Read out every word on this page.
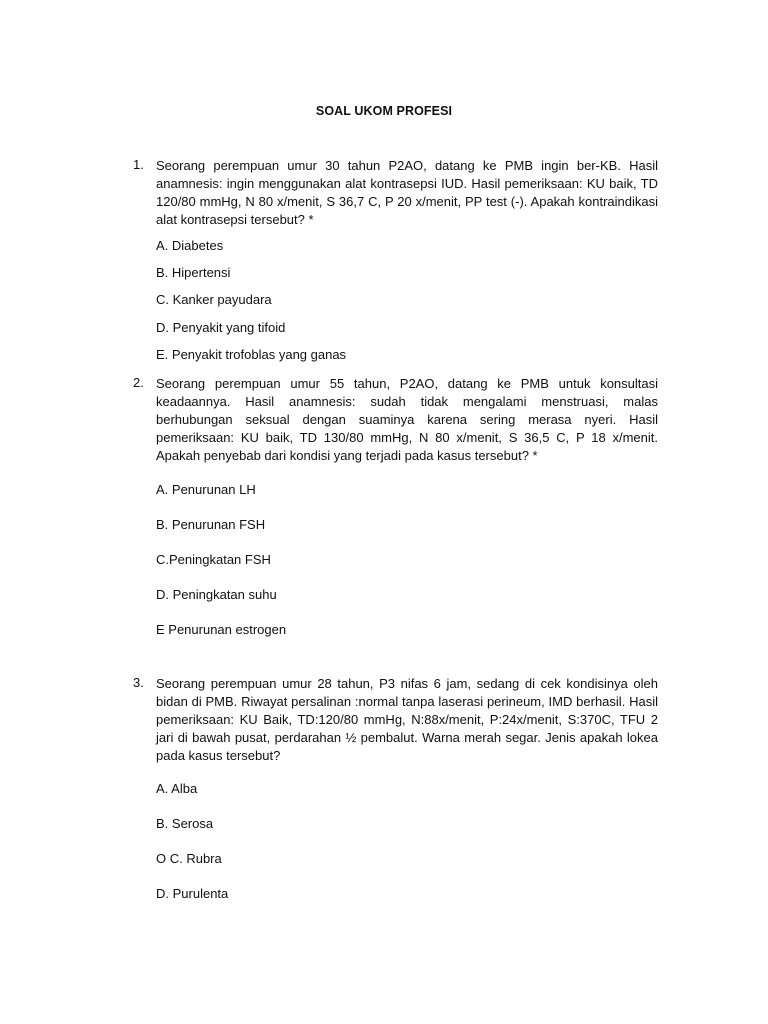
SOAL UKOM PROFESI
1. Seorang perempuan umur 30 tahun P2AO, datang ke PMB ingin ber-KB. Hasil anamnesis: ingin menggunakan alat kontrasepsi IUD. Hasil pemeriksaan: KU baik, TD 120/80 mmHg, N 80 x/menit, S 36,7 C, P 20 x/menit, PP test (-). Apakah kontraindikasi alat kontrasepsi tersebut? *
A. Diabetes
B. Hipertensi
C. Kanker payudara
D. Penyakit yang tifoid
E. Penyakit trofoblas yang ganas
2. Seorang perempuan umur 55 tahun, P2AO, datang ke PMB untuk konsultasi keadaannya. Hasil anamnesis: sudah tidak mengalami menstruasi, malas berhubungan seksual dengan suaminya karena sering merasa nyeri. Hasil pemeriksaan: KU baik, TD 130/80 mmHg, N 80 x/menit, S 36,5 C, P 18 x/menit. Apakah penyebab dari kondisi yang terjadi pada kasus tersebut? *
A. Penurunan LH
B. Penurunan FSH
C.Peningkatan FSH
D. Peningkatan suhu
E Penurunan estrogen
3. Seorang perempuan umur 28 tahun, P3 nifas 6 jam, sedang di cek kondisinya oleh bidan di PMB. Riwayat persalinan :normal tanpa laserasi perineum, IMD berhasil. Hasil pemeriksaan: KU Baik, TD:120/80 mmHg, N:88x/menit, P:24x/menit, S:370C, TFU 2 jari di bawah pusat, perdarahan ½ pembalut. Warna merah segar. Jenis apakah lokea pada kasus tersebut?
A. Alba
B. Serosa
O C. Rubra
D. Purulenta
